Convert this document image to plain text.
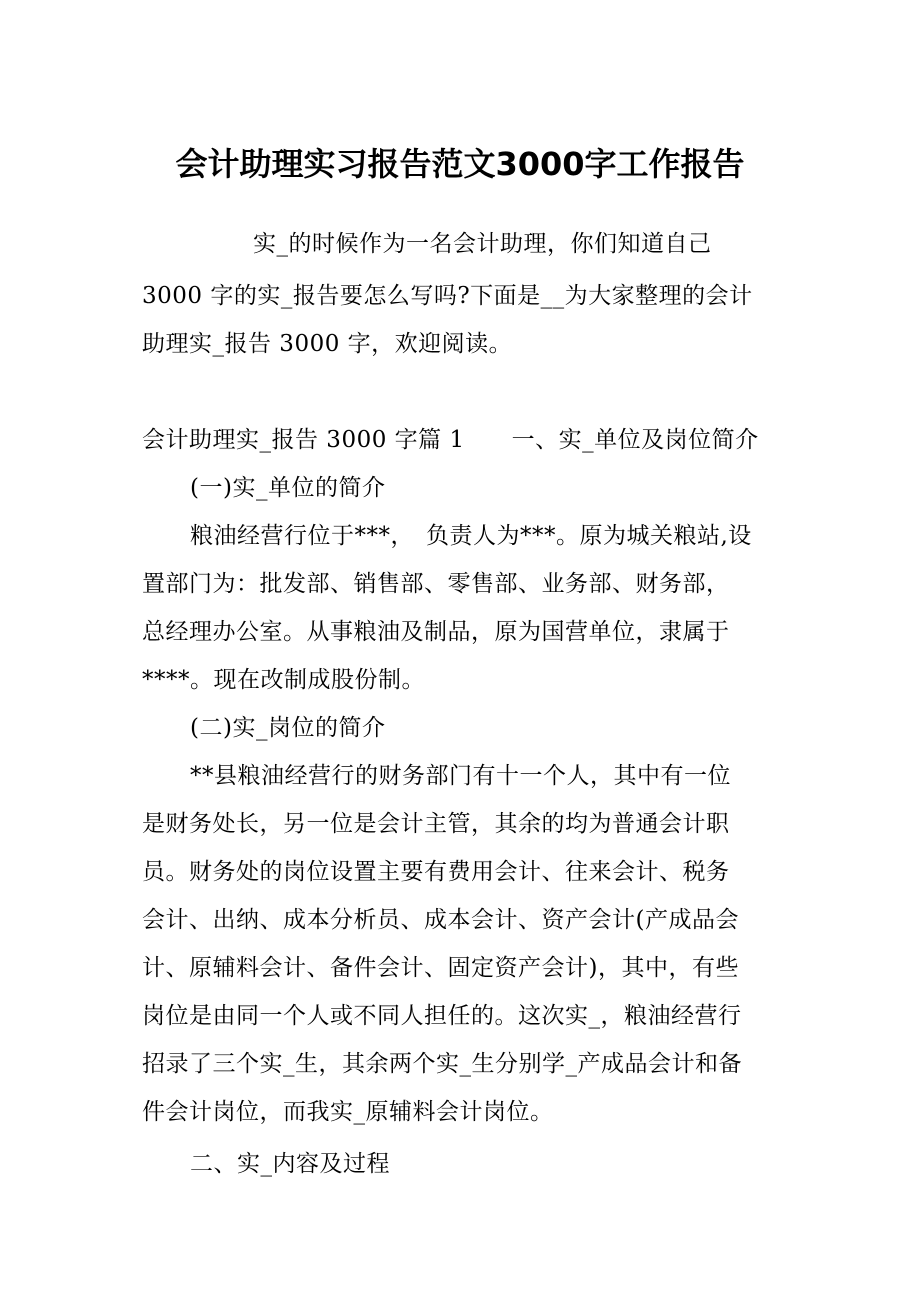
会计助理实习报告范文3000字工作报告
实_的时候作为一名会计助理，你们知道自己
3000 字的实_报告要怎么写吗?下面是__为大家整理的会计
助理实_报告 3000 字，欢迎阅读。
会计助理实_报告 3000 字篇 1　　一、实_单位及岗位简介
(一)实_单位的简介
粮油经营行位于***，　负责人为***。原为城关粮站,设
置部门为：批发部、销售部、零售部、业务部、财务部，
总经理办公室。从事粮油及制品，原为国营单位，隶属于
****。现在改制成股份制。
(二)实_岗位的简介
**县粮油经营行的财务部门有十一个人，其中有一位
是财务处长，另一位是会计主管，其余的均为普通会计职
员。财务处的岗位设置主要有费用会计、往来会计、税务
会计、出纳、成本分析员、成本会计、资产会计(产成品会
计、原辅料会计、备件会计、固定资产会计)，其中，有些
岗位是由同一个人或不同人担任的。这次实_，粮油经营行
招录了三个实_生，其余两个实_生分别学_产成品会计和备
件会计岗位，而我实_原辅料会计岗位。
二、实_内容及过程
